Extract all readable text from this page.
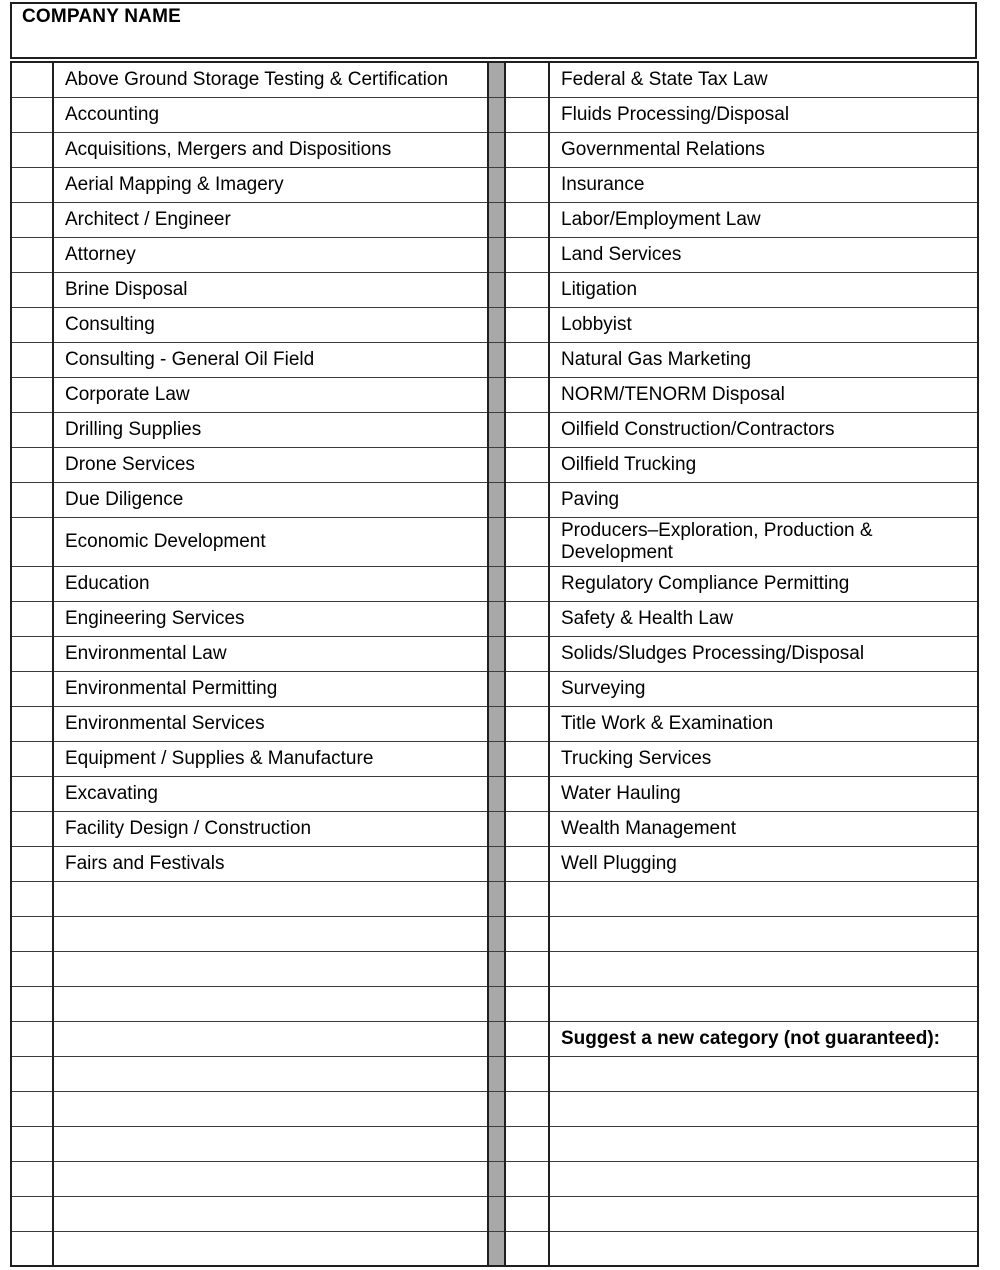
COMPANY NAME
	Above Ground Storage Testing & Certification			Federal & State Tax Law
	Accounting			Fluids Processing/Disposal
	Acquisitions, Mergers and Dispositions			Governmental Relations
	Aerial Mapping & Imagery			Insurance
	Architect / Engineer			Labor/Employment Law
	Attorney			Land Services
	Brine Disposal			Litigation
	Consulting			Lobbyist
	Consulting - General Oil Field			Natural Gas Marketing
	Corporate Law			NORM/TENORM Disposal
	Drilling Supplies			Oilfield Construction/Contractors
	Drone Services			Oilfield Trucking
	Due Diligence			Paving
	Economic Development			Producers–Exploration, Production & Development
	Education			Regulatory Compliance Permitting
	Engineering Services			Safety & Health Law
	Environmental Law			Solids/Sludges Processing/Disposal
	Environmental Permitting			Surveying
	Environmental Services			Title Work & Examination
	Equipment / Supplies & Manufacture			Trucking Services
	Excavating			Water Hauling
	Facility Design / Construction			Wealth Management
	Fairs and Festivals			Well Plugging

				Suggest a new category (not guaranteed):
